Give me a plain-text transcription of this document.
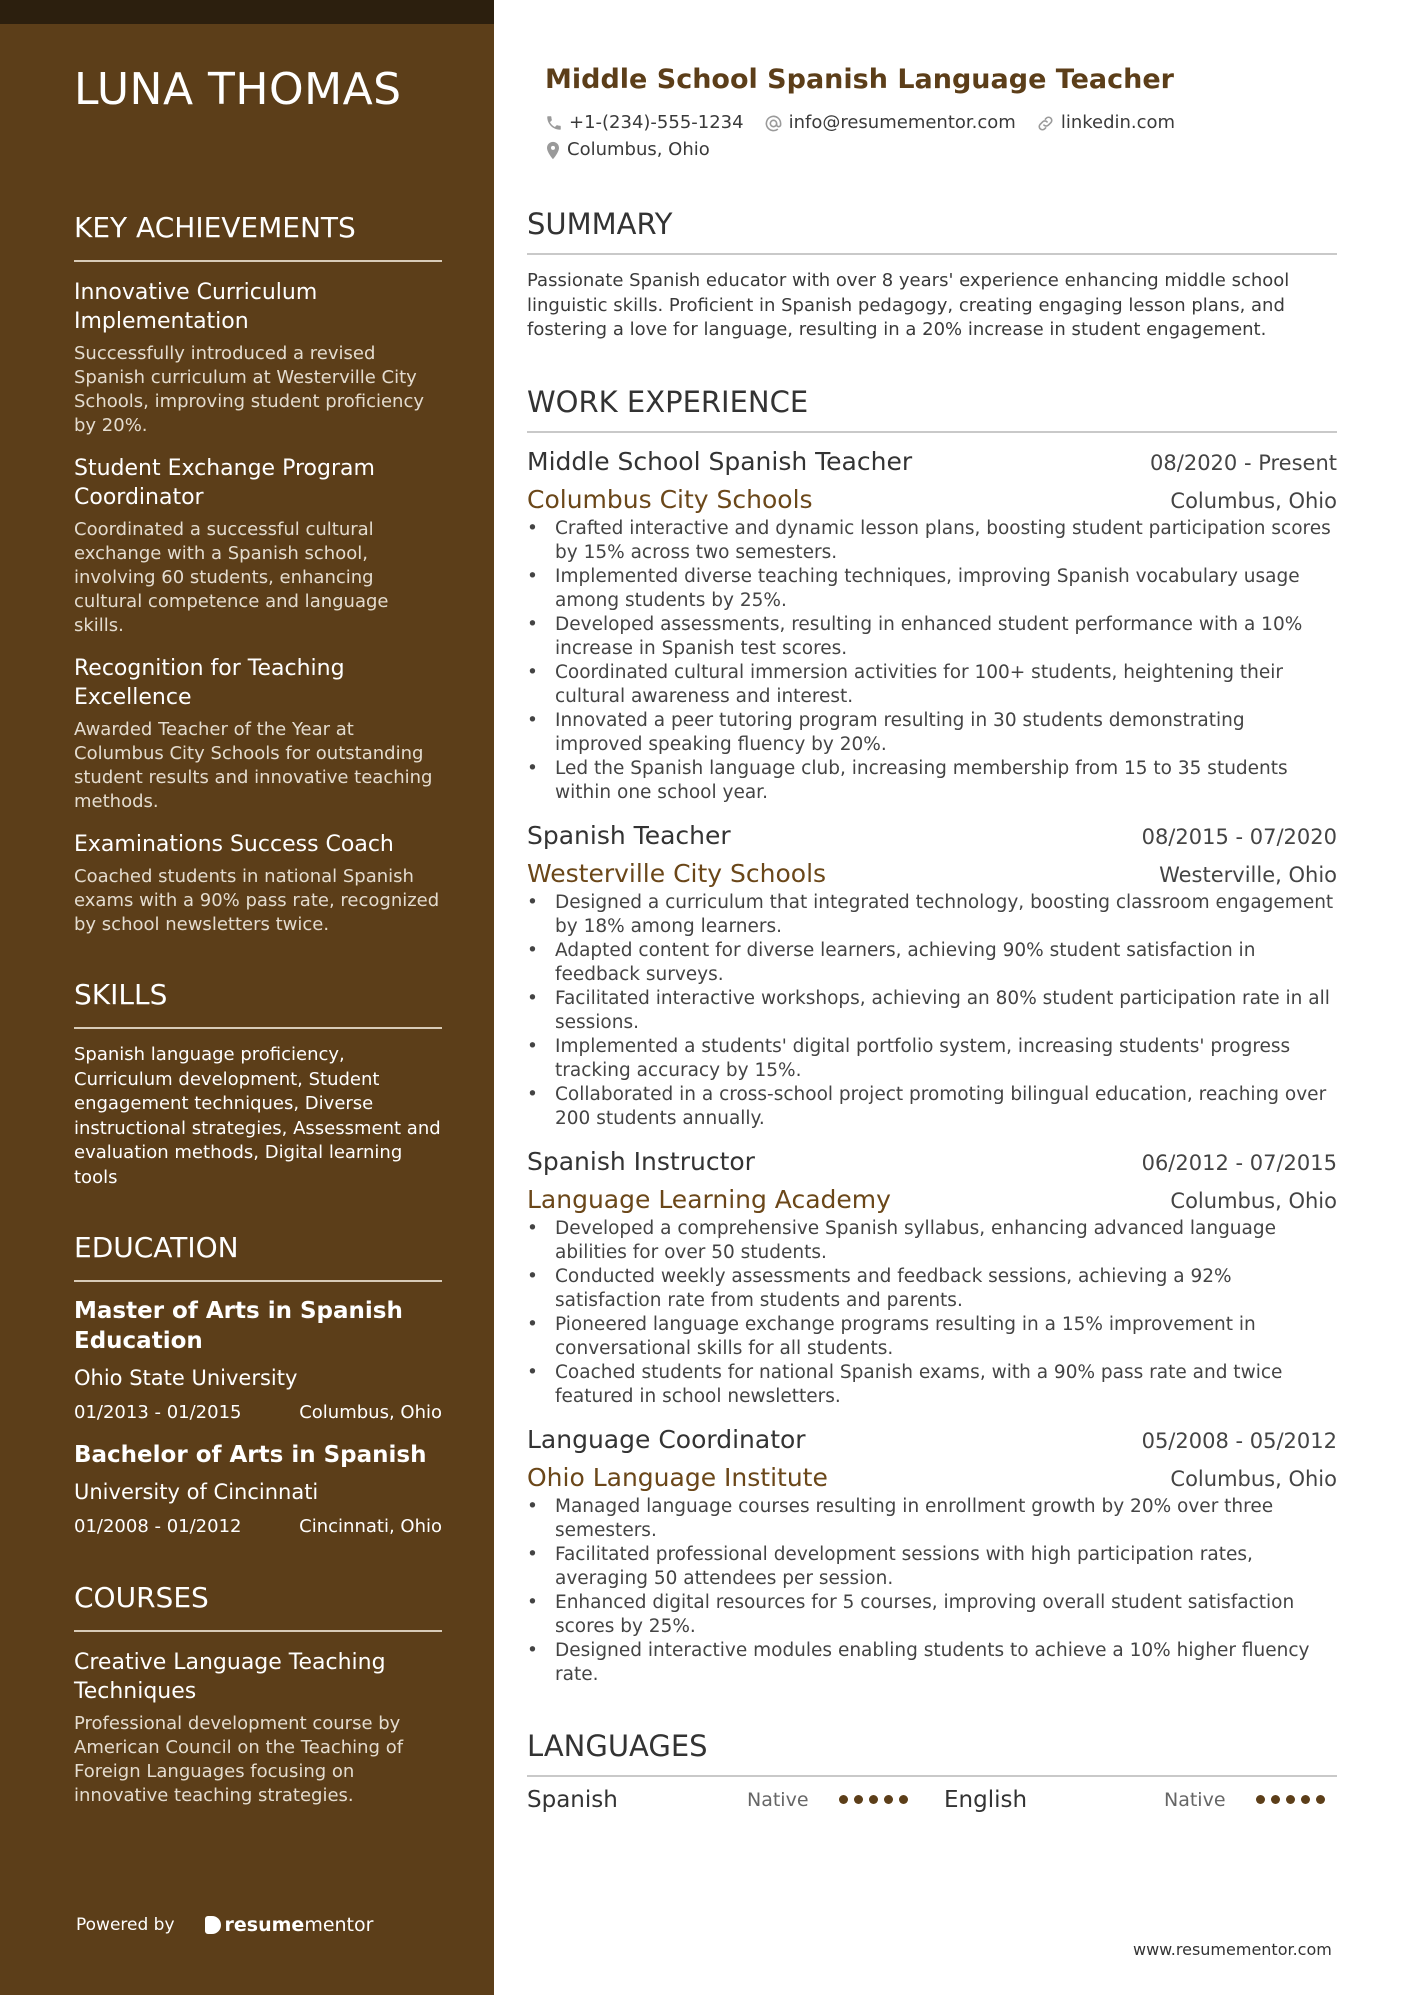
LUNA THOMAS
KEY ACHIEVEMENTS
Innovative Curriculum Implementation

Successfully introduced a revised Spanish curriculum at Westerville City Schools, improving student proficiency by 20%.

Student Exchange Program Coordinator

Coordinated a successful cultural exchange with a Spanish school, involving 60 students, enhancing cultural competence and language skills.

Recognition for Teaching Excellence

Awarded Teacher of the Year at Columbus City Schools for outstanding student results and innovative teaching methods.

Examinations Success Coach

Coached students in national Spanish exams with a 90% pass rate, recognized by school newsletters twice.

SKILLS

Spanish language proficiency, Curriculum development, Student engagement techniques, Diverse instructional strategies, Assessment and evaluation methods, Digital learning tools

EDUCATION
Master of Arts in Spanish Education
Ohio State University
01/2013 - 01/2015	Columbus, Ohio
Bachelor of Arts in Spanish
University of Cincinnati
01/2008 - 01/2012	Cincinnati, Ohio
COURSES
Creative Language Teaching Techniques

Professional development course by American Council on the Teaching of Foreign Languages focusing on innovative teaching strategies.

Powered by	resume mentor
Middle School Spanish Language Teacher
+1-(234)-555-1234	info@resumementor.com	linkedin.com
Columbus, Ohio
SUMMARY

Passionate Spanish educator with over 8 years' experience enhancing middle school linguistic skills. Proficient in Spanish pedagogy, creating engaging lesson plans, and fostering a love for language, resulting in a 20% increase in student engagement.

WORK EXPERIENCE
Middle School Spanish Teacher	08/2020 - Present
Columbus City Schools	Columbus, Ohio
• Crafted interactive and dynamic lesson plans, boosting student participation scores by 15% across two semesters.
• Implemented diverse teaching techniques, improving Spanish vocabulary usage among students by 25%.
• Developed assessments, resulting in enhanced student performance with a 10% increase in Spanish test scores.
• Coordinated cultural immersion activities for 100+ students, heightening their cultural awareness and interest.
• Innovated a peer tutoring program resulting in 30 students demonstrating improved speaking fluency by 20%.
• Led the Spanish language club, increasing membership from 15 to 35 students within one school year.
Spanish Teacher	08/2015 - 07/2020
Westerville City Schools	Westerville, Ohio
• Designed a curriculum that integrated technology, boosting classroom engagement by 18% among learners.
• Adapted content for diverse learners, achieving 90% student satisfaction in feedback surveys.
• Facilitated interactive workshops, achieving an 80% student participation rate in all sessions.
• Implemented a students' digital portfolio system, increasing students' progress tracking accuracy by 15%.
• Collaborated in a cross-school project promoting bilingual education, reaching over 200 students annually.
Spanish Instructor	06/2012 - 07/2015
Language Learning Academy	Columbus, Ohio
• Developed a comprehensive Spanish syllabus, enhancing advanced language abilities for over 50 students.
• Conducted weekly assessments and feedback sessions, achieving a 92% satisfaction rate from students and parents.
• Pioneered language exchange programs resulting in a 15% improvement in conversational skills for all students.
• Coached students for national Spanish exams, with a 90% pass rate and twice featured in school newsletters.
Language Coordinator	05/2008 - 05/2012
Ohio Language Institute	Columbus, Ohio
• Managed language courses resulting in enrollment growth by 20% over three semesters.
• Facilitated professional development sessions with high participation rates, averaging 50 attendees per session.
• Enhanced digital resources for 5 courses, improving overall student satisfaction scores by 25%.
• Designed interactive modules enabling students to achieve a 10% higher fluency rate.
LANGUAGES
Spanish	Native	English	Native
www.resumementor.com
